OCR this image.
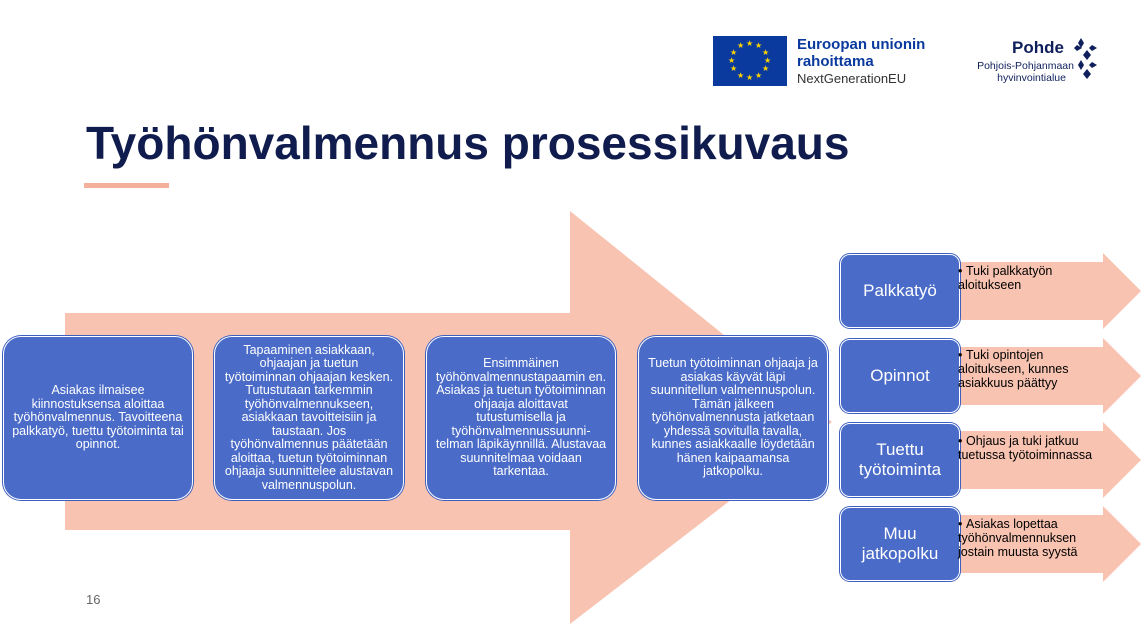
★ ★
★
★
★
★
★
★
★
★
★
★	Euroopan unionin
rahoittama
NextGenerationEU
Pohde
Pohjois-Pohjanmaan
hyvinvointialue
Työhönvalmennus prosessikuvaus
Asiakas ilmaisee kiinnostuksensa aloittaa työhönvalmennus. Tavoitteena palkkatyö, tuettu työtoiminta tai opinnot.
Tapaaminen asiakkaan, ohjaajan ja tuetun työtoiminnan ohjaajan kesken. Tutustutaan tarkemmin työhönvalmennukseen, asiakkaan tavoitteisiin ja taustaan. Jos työhönvalmennus päätetään aloittaa, tuetun työtoiminnan ohjaaja suunnittelee alustavan valmennuspolun.
Ensimmäinen työhönvalmennustapaamin en. Asiakas ja tuetun työtoiminnan ohjaaja aloittavat tutustumisella ja työhönvalmennussuunni-telman läpikäynnillä. Alustavaa suunnitelmaa voidaan tarkentaa.
Tuetun työtoiminnan ohjaaja ja asiakas käyvät läpi suunnitellun valmennuspolun. Tämän jälkeen työhönvalmennusta jatketaan yhdessä sovitulla tavalla, kunnes asiakkaalle löydetään hänen kaipaamansa jatkopolku.
Palkkatyö
Opinnot
Tuettu työtoiminta
Muu jatkopolku
• Tuki palkkatyön aloitukseen
• Tuki opintojen aloitukseen, kunnes asiakkuus päättyy
• Ohjaus ja tuki jatkuu tuetussa työtoiminnassa
• Asiakas lopettaa työhönvalmennuksen jostain muusta syystä
16
